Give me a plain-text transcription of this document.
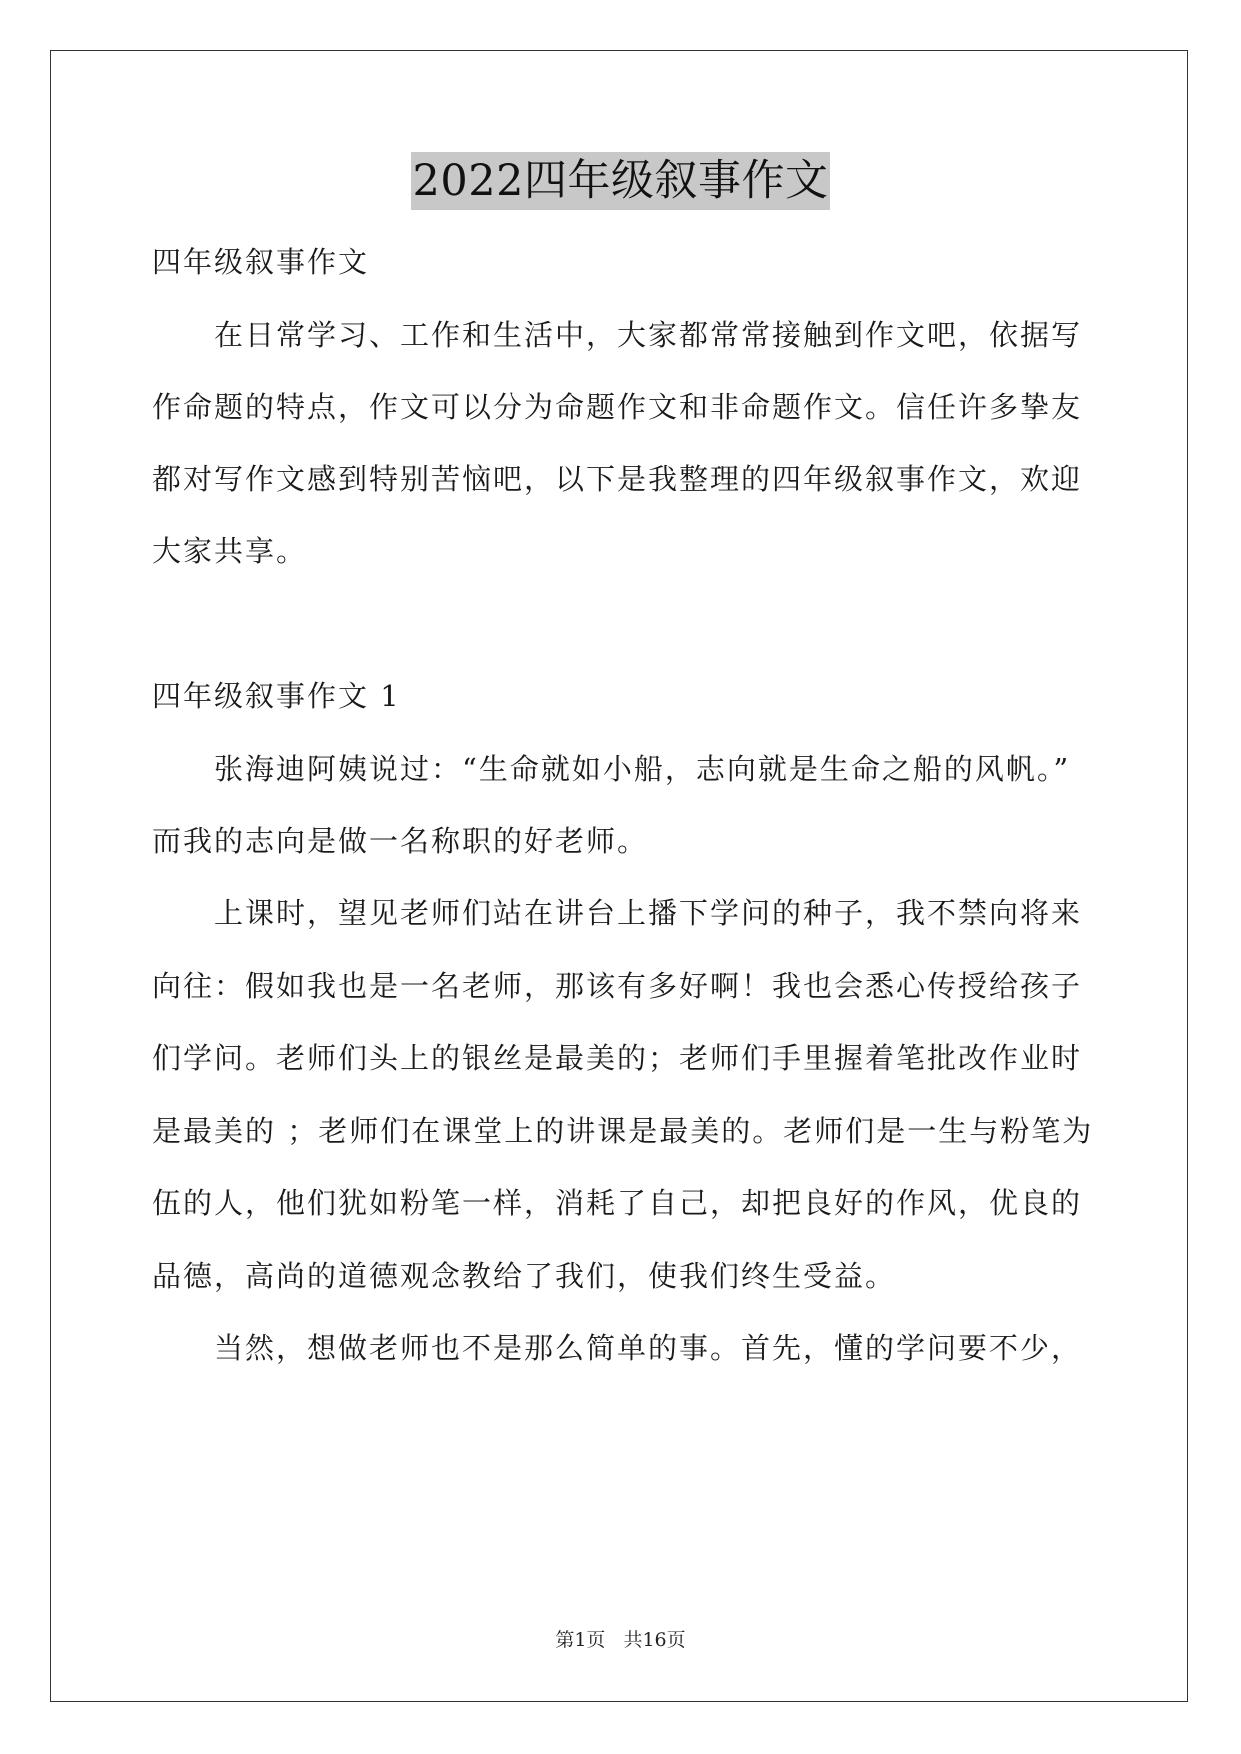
2022四年级叙事作文
四年级叙事作文
在日常学习、工作和生活中，大家都常常接触到作文吧，依据写
作命题的特点，作文可以分为命题作文和非命题作文。信任许多挚友
都对写作文感到特别苦恼吧，以下是我整理的四年级叙事作文，欢迎
大家共享。
四年级叙事作文 1
张海迪阿姨说过：“生命就如小船，志向就是生命之船的风帆。”
而我的志向是做一名称职的好老师。
上课时，望见老师们站在讲台上播下学问的种子，我不禁向将来
向往：假如我也是一名老师，那该有多好啊！我也会悉心传授给孩子
们学问。老师们头上的银丝是最美的；老师们手里握着笔批改作业时
是最美的 ；老师们在课堂上的讲课是最美的。老师们是一生与粉笔为
伍的人，他们犹如粉笔一样，消耗了自己，却把良好的作风，优良的
品德，高尚的道德观念教给了我们，使我们终生受益。
当然，想做老师也不是那么简单的事。首先，懂的学问要不少，
第1页 共16页
